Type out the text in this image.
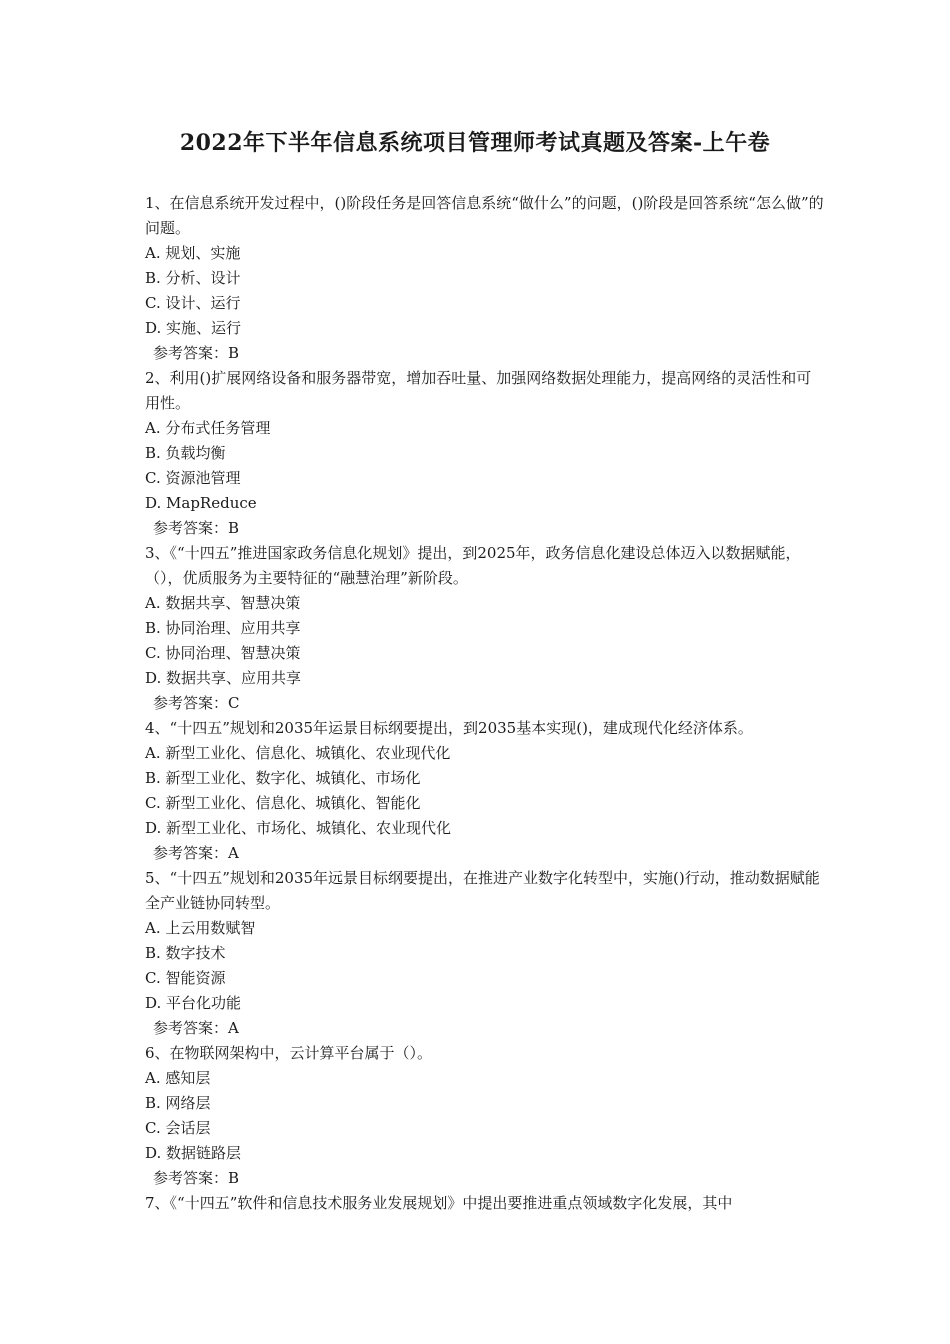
2022年下半年信息系统项目管理师考试真题及答案-上午卷

1、在信息系统开发过程中，()阶段任务是回答信息系统“做什么”的问题，()阶段是回答系统“怎么做”的问题。

A. 规划、实施

B. 分析、设计

C. 设计、运行

D. 实施、运行

参考答案：B

2、利用()扩展网络设备和服务器带宽，增加吞吐量、加强网络数据处理能力，提高网络的灵活性和可用性。

A. 分布式任务管理

B. 负载均衡

C. 资源池管理

D. MapReduce

参考答案：B

3、《“十四五”推进国家政务信息化规划》提出，到2025年，政务信息化建设总体迈入以数据赋能，（），优质服务为主要特征的“融慧治理”新阶段。

A. 数据共享、智慧决策

B. 协同治理、应用共享

C. 协同治理、智慧决策

D. 数据共享、应用共享

参考答案：C

4、“十四五”规划和2035年运景目标纲要提出，到2035基本实现()，建成现代化经济体系。

A. 新型工业化、信息化、城镇化、农业现代化

B. 新型工业化、数字化、城镇化、市场化

C. 新型工业化、信息化、城镇化、智能化

D. 新型工业化、市场化、城镇化、农业现代化

参考答案：A

5、“十四五”规划和2035年远景目标纲要提出，在推进产业数字化转型中，实施()行动，推动数据赋能全产业链协同转型。

A. 上云用数赋智

B. 数字技术

C. 智能资源

D. 平台化功能

参考答案：A

6、在物联网架构中，云计算平台属于（）。

A. 感知层

B. 网络层

C. 会话层

D. 数据链路层

参考答案：B

7、《“十四五”软件和信息技术服务业发展规划》中提出要推进重点领域数字化发展，其中
